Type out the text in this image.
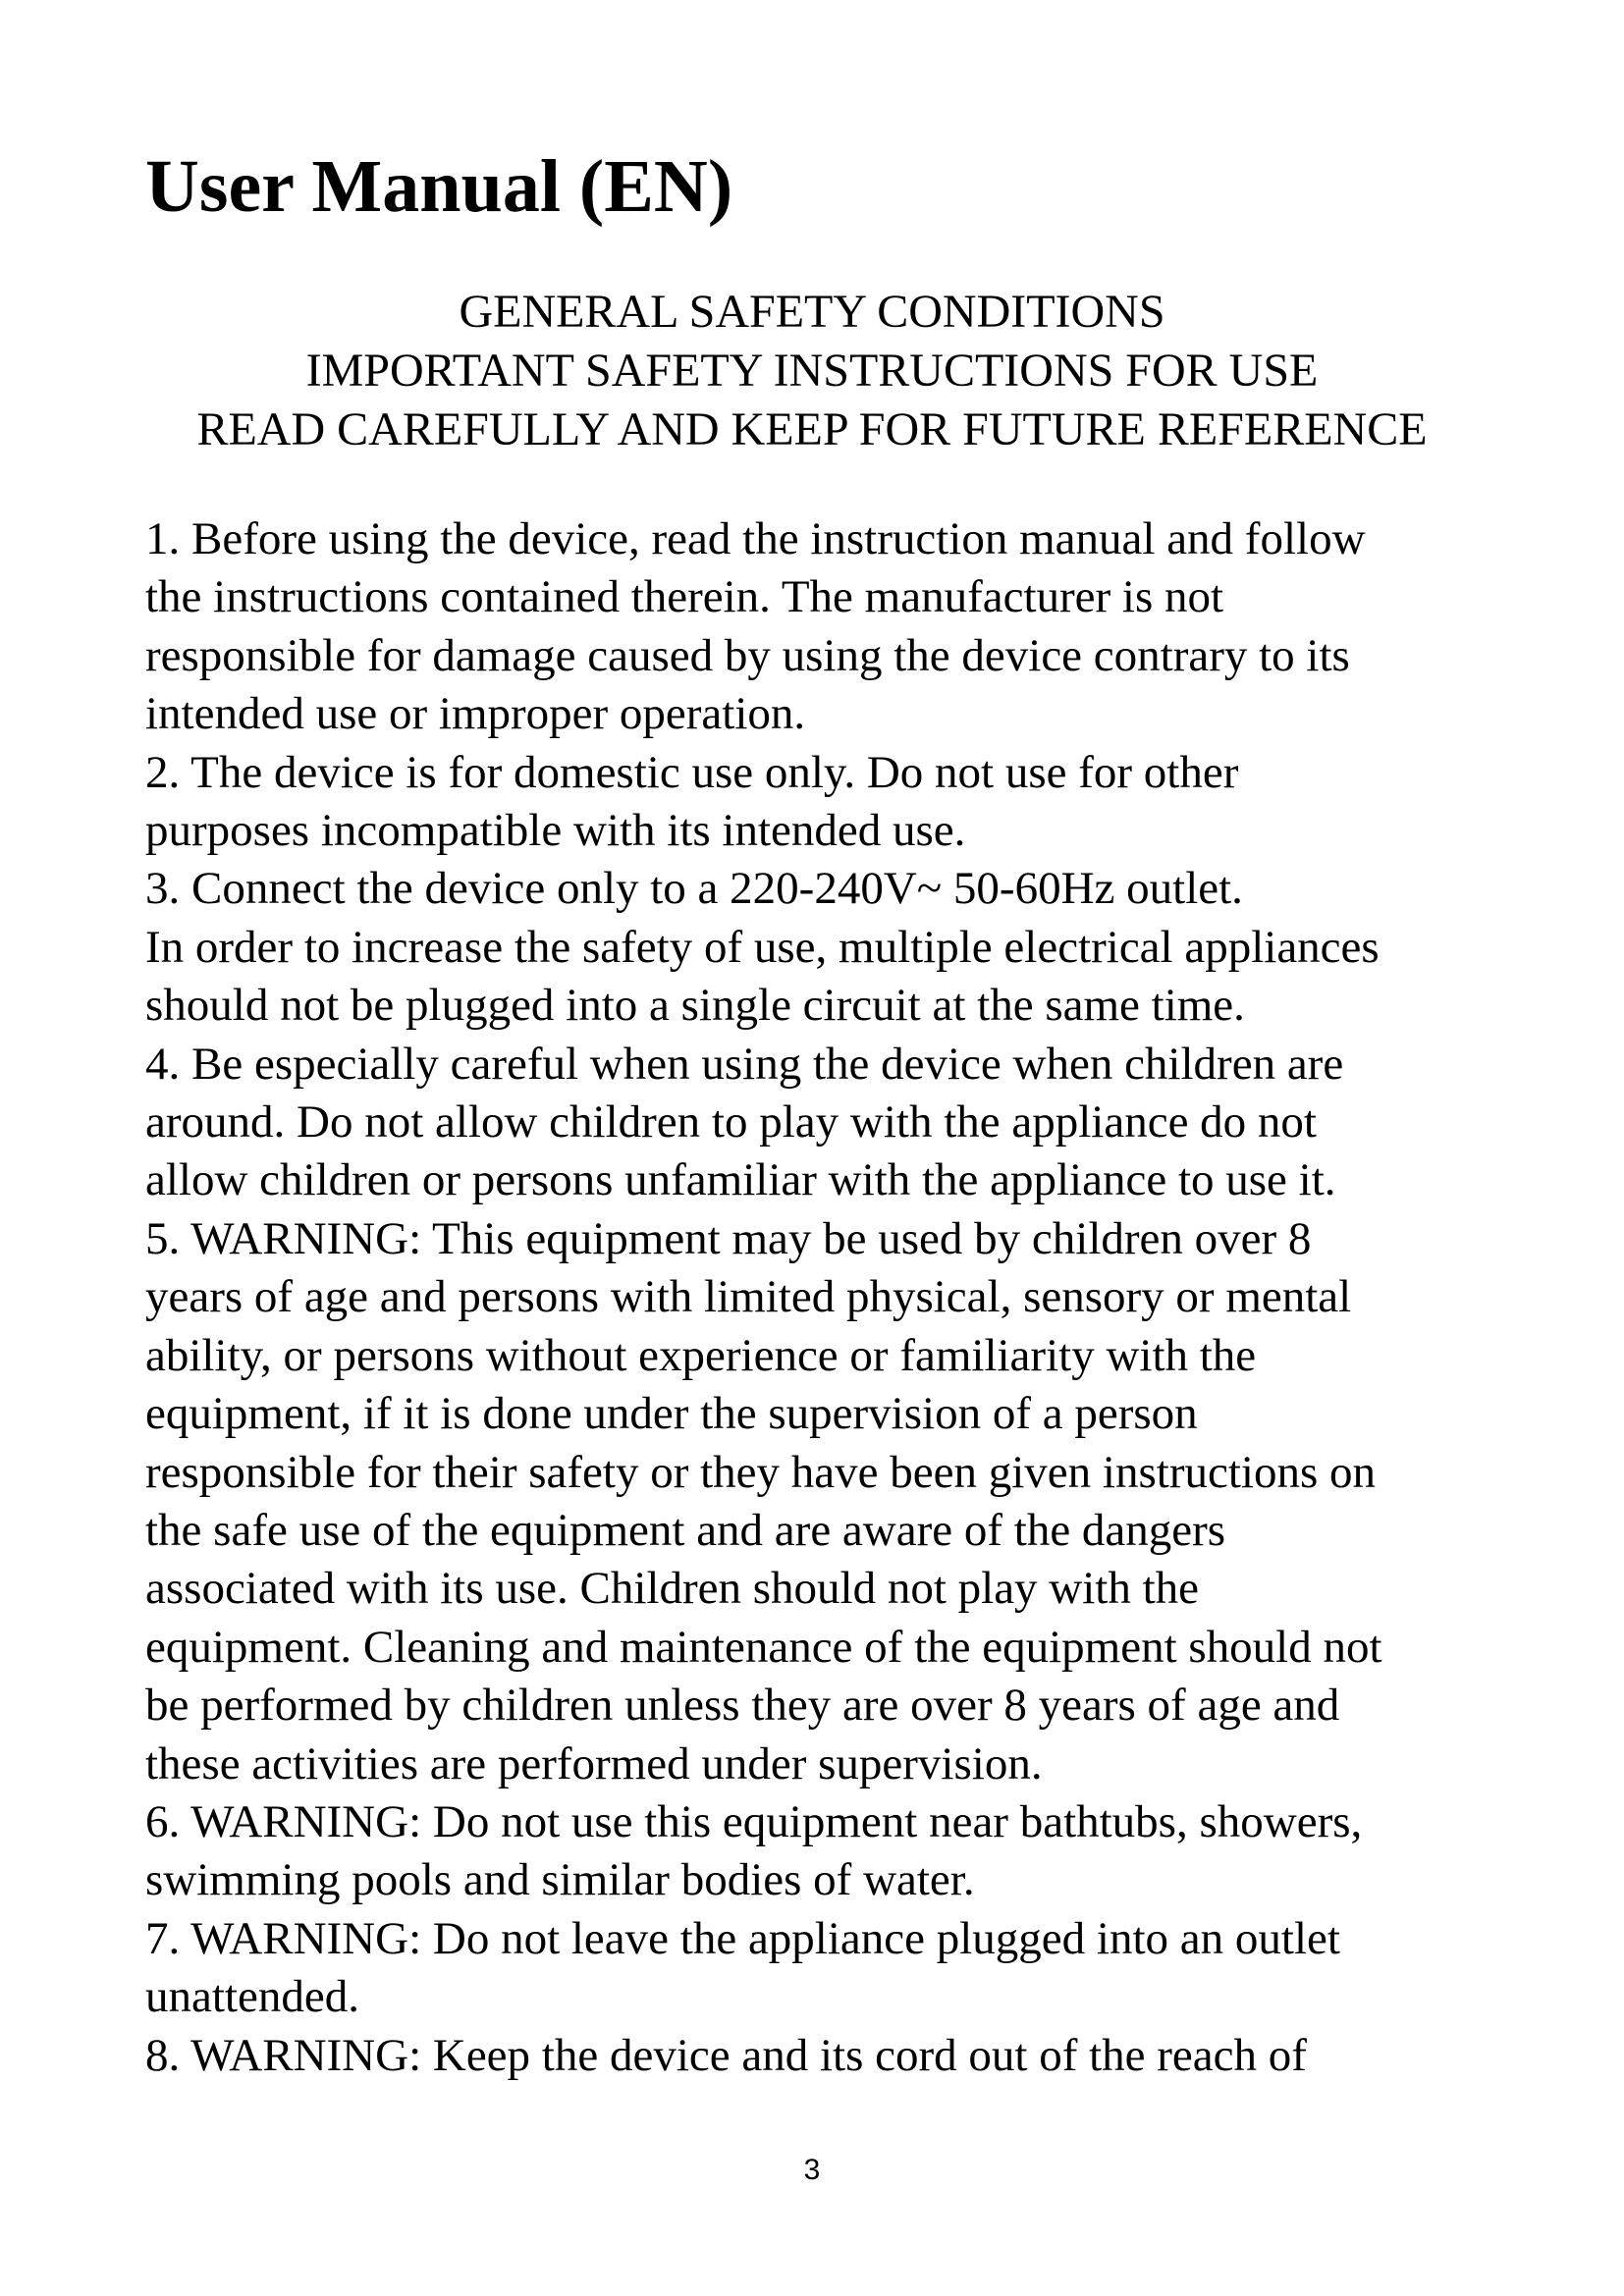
User Manual (EN)
GENERAL SAFETY CONDITIONS
IMPORTANT SAFETY INSTRUCTIONS FOR USE
READ CAREFULLY AND KEEP FOR FUTURE REFERENCE
1. Before using the device, read the instruction manual and follow
the instructions contained therein. The manufacturer is not
responsible for damage caused by using the device contrary to its
intended use or improper operation.
2. The device is for domestic use only. Do not use for other
purposes incompatible with its intended use.
3. Connect the device only to a 220-240V~ 50-60Hz outlet.
In order to increase the safety of use, multiple electrical appliances
should not be plugged into a single circuit at the same time.
4. Be especially careful when using the device when children are
around. Do not allow children to play with the appliance do not
allow children or persons unfamiliar with the appliance to use it.
5. WARNING: This equipment may be used by children over 8
years of age and persons with limited physical, sensory or mental
ability, or persons without experience or familiarity with the
equipment, if it is done under the supervision of a person
responsible for their safety or they have been given instructions on
the safe use of the equipment and are aware of the dangers
associated with its use. Children should not play with the
equipment. Cleaning and maintenance of the equipment should not
be performed by children unless they are over 8 years of age and
these activities are performed under supervision.
6. WARNING: Do not use this equipment near bathtubs, showers,
swimming pools and similar bodies of water.
7. WARNING: Do not leave the appliance plugged into an outlet
unattended.
8. WARNING: Keep the device and its cord out of the reach of
3
